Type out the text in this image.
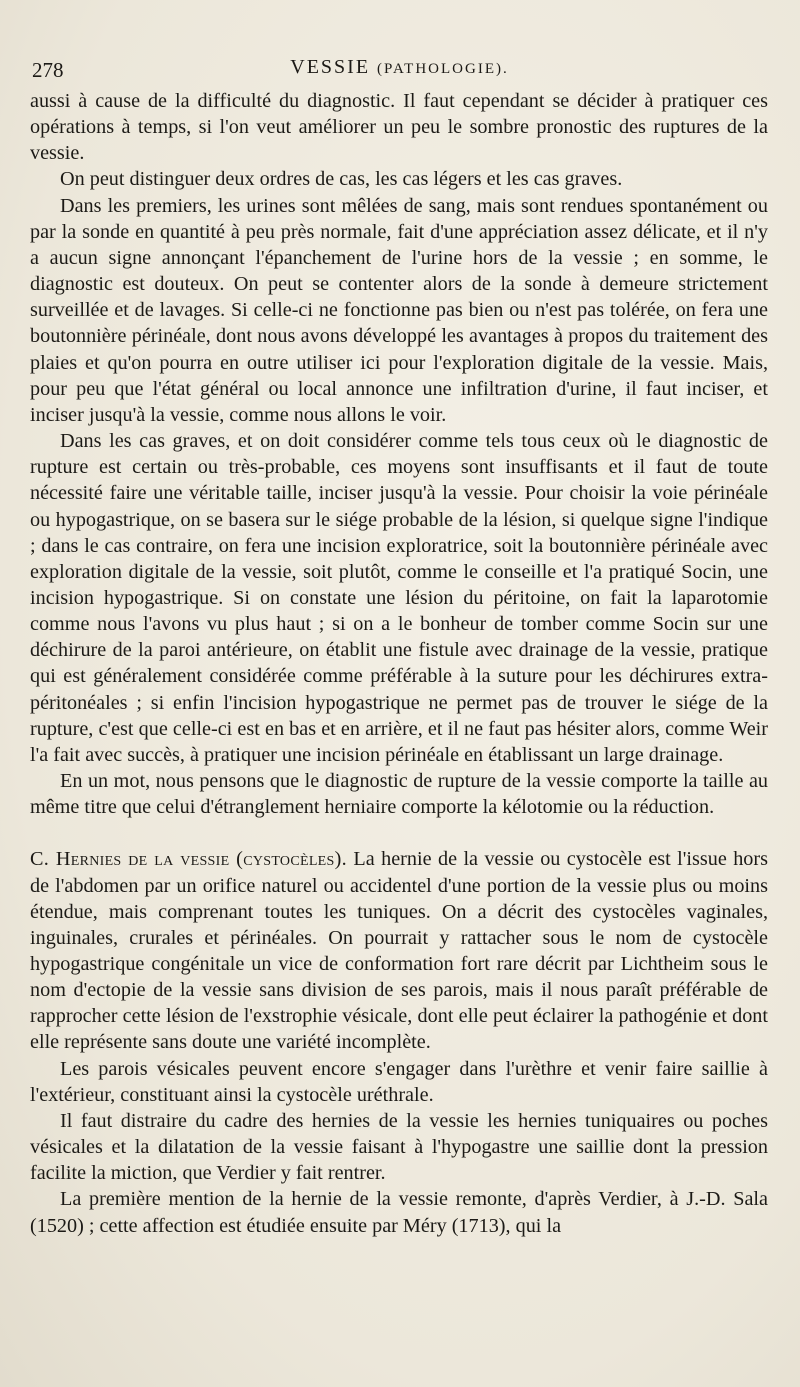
278	VESSIE (PATHOLOGIE).

aussi à cause de la difficulté du diagnostic. Il faut cependant se décider à pratiquer ces opérations à temps, si l'on veut améliorer un peu le sombre pronostic des ruptures de la vessie.

On peut distinguer deux ordres de cas, les cas légers et les cas graves.

Dans les premiers, les urines sont mêlées de sang, mais sont rendues spontanément ou par la sonde en quantité à peu près normale, fait d'une appréciation assez délicate, et il n'y a aucun signe annonçant l'épanchement de l'urine hors de la vessie ; en somme, le diagnostic est douteux. On peut se contenter alors de la sonde à demeure strictement surveillée et de lavages. Si celle-ci ne fonctionne pas bien ou n'est pas tolérée, on fera une boutonnière périnéale, dont nous avons développé les avantages à propos du traitement des plaies et qu'on pourra en outre utiliser ici pour l'exploration digitale de la vessie. Mais, pour peu que l'état général ou local annonce une infiltration d'urine, il faut inciser, et inciser jusqu'à la vessie, comme nous allons le voir.

Dans les cas graves, et on doit considérer comme tels tous ceux où le diagnostic de rupture est certain ou très-probable, ces moyens sont insuffisants et il faut de toute nécessité faire une véritable taille, inciser jusqu'à la vessie. Pour choisir la voie périnéale ou hypogastrique, on se basera sur le siége probable de la lésion, si quelque signe l'indique ; dans le cas contraire, on fera une incision exploratrice, soit la boutonnière périnéale avec exploration digitale de la vessie, soit plutôt, comme le conseille et l'a pratiqué Socin, une incision hypogastrique. Si on constate une lésion du péritoine, on fait la laparotomie comme nous l'avons vu plus haut ; si on a le bonheur de tomber comme Socin sur une déchirure de la paroi antérieure, on établit une fistule avec drainage de la vessie, pratique qui est généralement considérée comme préférable à la suture pour les déchirures extra-péritonéales ; si enfin l'incision hypogastrique ne permet pas de trouver le siége de la rupture, c'est que celle-ci est en bas et en arrière, et il ne faut pas hésiter alors, comme Weir l'a fait avec succès, à pratiquer une incision périnéale en établissant un large drainage.

En un mot, nous pensons que le diagnostic de rupture de la vessie comporte la taille au même titre que celui d'étranglement herniaire comporte la kélotomie ou la réduction.

C. Hernies de la vessie (cystocèles). La hernie de la vessie ou cystocèle est l'issue hors de l'abdomen par un orifice naturel ou accidentel d'une portion de la vessie plus ou moins étendue, mais comprenant toutes les tuniques. On a décrit des cystocèles vaginales, inguinales, crurales et périnéales. On pourrait y rattacher sous le nom de cystocèle hypogastrique congénitale un vice de conformation fort rare décrit par Lichtheim sous le nom d'ectopie de la vessie sans division de ses parois, mais il nous paraît préférable de rapprocher cette lésion de l'exstrophie vésicale, dont elle peut éclairer la pathogénie et dont elle représente sans doute une variété incomplète.

Les parois vésicales peuvent encore s'engager dans l'urèthre et venir faire saillie à l'extérieur, constituant ainsi la cystocèle uréthrale.

Il faut distraire du cadre des hernies de la vessie les hernies tuniquaires ou poches vésicales et la dilatation de la vessie faisant à l'hypogastre une saillie dont la pression facilite la miction, que Verdier y fait rentrer.

La première mention de la hernie de la vessie remonte, d'après Verdier, à J.-D. Sala (1520) ; cette affection est étudiée ensuite par Méry (1713), qui la
